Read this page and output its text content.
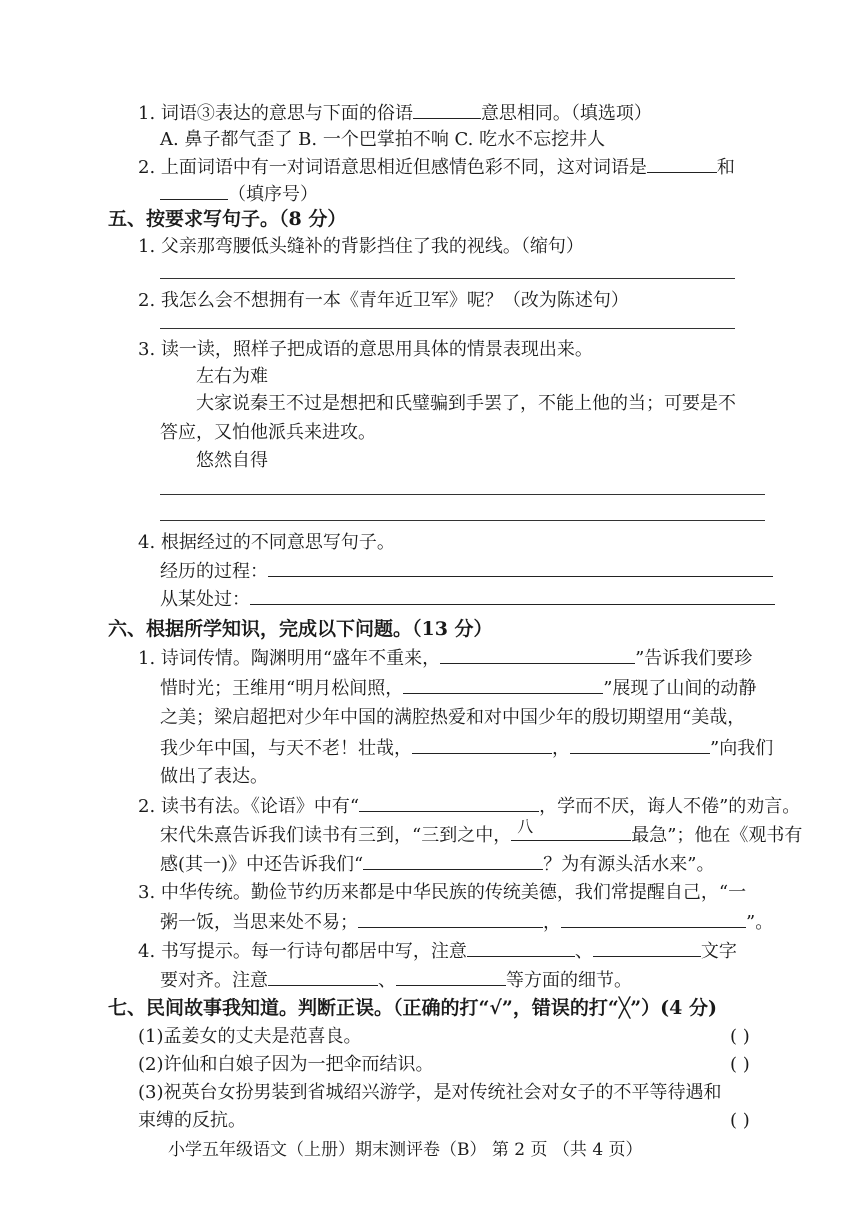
1. 词语③表达的意思与下面的俗语	意思相同。（填选项）
A. 鼻子都气歪了 B. 一个巴掌拍不响 C. 吃水不忘挖井人
2. 上面词语中有一对词语意思相近但感情色彩不同，这对词语是	和
（填序号）
五、按要求写句子。（8 分）
1. 父亲那弯腰低头缝补的背影挡住了我的视线。（缩句）
2. 我怎么会不想拥有一本《青年近卫军》呢？（改为陈述句）
3. 读一读，照样子把成语的意思用具体的情景表现出来。
左右为难
大家说秦王不过是想把和氏璧骗到手罢了，不能上他的当；可要是不
答应，又怕他派兵来进攻。
悠然自得
4. 根据经过的不同意思写句子。
经历的过程：
从某处过：
六、根据所学知识，完成以下问题。（13 分）
1. 诗词传情。陶渊明用“盛年不重来，	”告诉我们要珍
惜时光；王维用“明月松间照，	”展现了山间的动静
之美；梁启超把对少年中国的满腔热爱和对中国少年的殷切期望用“美哉，
我少年中国，与天不老！壮哉，	，	”向我们
做出了表达。
2. 读书有法。《论语》中有“	，学而不厌，诲人不倦”的劝言。
宋代朱熹告诉我们读书有三到，“三到之中， 八	最急”；他在《观书有
感(其一)》中还告诉我们“	？为有源头活水来”。
3. 中华传统。勤俭节约历来都是中华民族的传统美德，我们常提醒自己，“一
粥一饭，当思来处不易；	，	”。
4. 书写提示。每一行诗句都居中写，注意	、	文字
要对齐。注意	、	等方面的细节。
七、民间故事我知道。判断正误。（正确的打“√”，错误的打“╳”）(4 分)
(1)孟姜女的丈夫是范喜良。	( )
(2)许仙和白娘子因为一把伞而结识。	( )
(3)祝英台女扮男装到省城绍兴游学，是对传统社会对女子的不平等待遇和
束缚的反抗。	( )
小学五年级语文（上册）期末测评卷（B） 第 2 页 （共 4 页）
